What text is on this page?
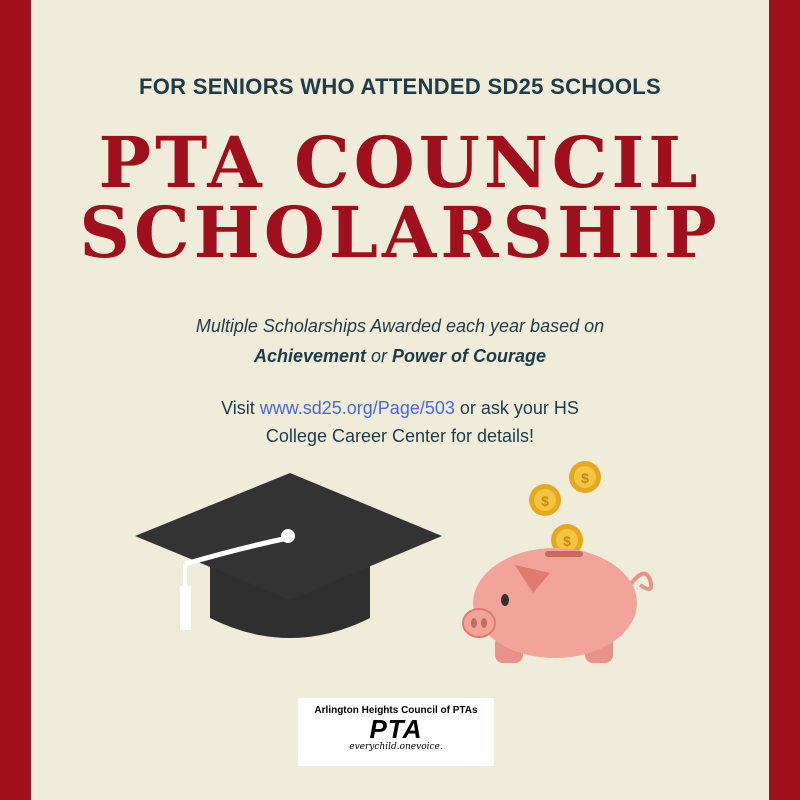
FOR SENIORS WHO ATTENDED SD25 SCHOOLS
PTA COUNCIL
SCHOLARSHIP
Multiple Scholarships Awarded each year based on
Achievement or Power of Courage
Visit www.sd25.org/Page/503 or ask your HS
College Career Center for details!
$
$
$
Arlington Heights Council of PTAs
PTA
everychild.onevoice.
